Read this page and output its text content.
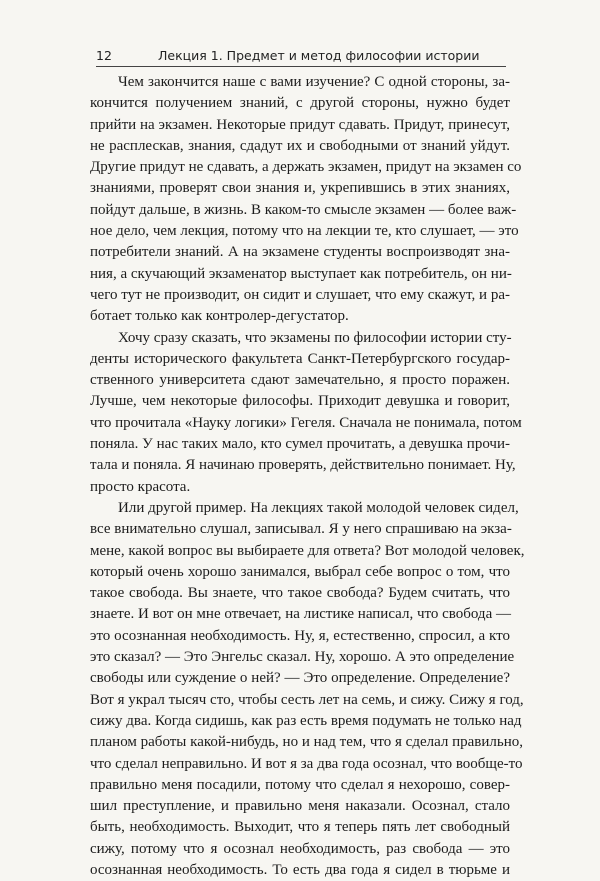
12	Лекция 1. Предмет и метод философии истории
Чем закончится наше с вами изучение? С одной стороны, за-
кончится получением знаний, с другой стороны, нужно будет
прийти на экзамен. Некоторые придут сдавать. Придут, принесут,
не расплескав, знания, сдадут их и свободными от знаний уйдут.
Другие придут не сдавать, а держать экзамен, придут на экзамен со
знаниями, проверят свои знания и, укрепившись в этих знаниях,
пойдут дальше, в жизнь. В каком-то смысле экзамен — более важ-
ное дело, чем лекция, потому что на лекции те, кто слушает, — это
потребители знаний. А на экзамене студенты воспроизводят зна-
ния, а скучающий экзаменатор выступает как потребитель, он ни-
чего тут не производит, он сидит и слушает, что ему скажут, и ра-
ботает только как контролер-дегустатор.
Хочу сразу сказать, что экзамены по философии истории сту-
денты исторического факультета Санкт-Петербургского государ-
ственного университета сдают замечательно, я просто поражен.
Лучше, чем некоторые философы. Приходит девушка и говорит,
что прочитала «Науку логики» Гегеля. Сначала не понимала, потом
поняла. У нас таких мало, кто сумел прочитать, а девушка прочи-
тала и поняла. Я начинаю проверять, действительно понимает. Ну,
просто красота.
Или другой пример. На лекциях такой молодой человек сидел,
все внимательно слушал, записывал. Я у него спрашиваю на экза-
мене, какой вопрос вы выбираете для ответа? Вот молодой человек,
который очень хорошо занимался, выбрал себе вопрос о том, что
такое свобода. Вы знаете, что такое свобода? Будем считать, что
знаете. И вот он мне отвечает, на листике написал, что свобода —
это осознанная необходимость. Ну, я, естественно, спросил, а кто
это сказал? — Это Энгельс сказал. Ну, хорошо. А это определение
свободы или суждение о ней? — Это определение. Определение?
Вот я украл тысяч сто, чтобы сесть лет на семь, и сижу. Сижу я год,
сижу два. Когда сидишь, как раз есть время подумать не только над
планом работы какой-нибудь, но и над тем, что я сделал правильно,
что сделал неправильно. И вот я за два года осознал, что вообще-то
правильно меня посадили, потому что сделал я нехорошо, совер-
шил преступление, и правильно меня наказали. Осознал, стало
быть, необходимость. Выходит, что я теперь пять лет свободный
сижу, потому что я осознал необходимость, раз свобода — это
осознанная необходимость. То есть два года я сидел в тюрьме и
